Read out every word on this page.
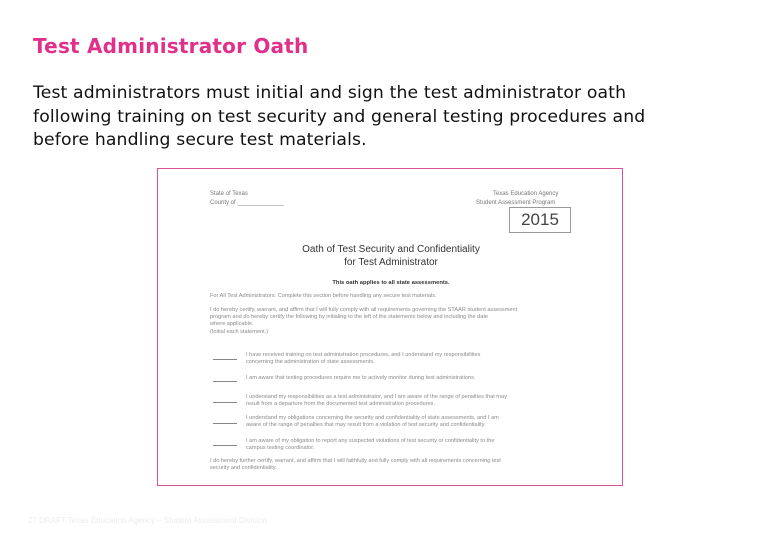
Test Administrator Oath
Test administrators must initial and sign the test administrator oath
following training on test security and general testing procedures and
before handling secure test materials.
State of Texas
County of ______________
Texas Education Agency
Student Assessment Program
2015
Oath of Test Security and Confidentiality
for Test Administrator
This oath applies to all state assessments.
For All Test Administrators: Complete this section before handling any secure test materials.
I do hereby certify, warrant, and affirm that I will fully comply with all requirements governing the STAAR student assessment
program and do hereby certify the following by initialing to the left of the statements below and including the date
where applicable.
(Initial each statement.)
I have received training on test administration procedures, and I understand my responsibilities
concerning the administration of state assessments.
I am aware that testing procedures require me to actively monitor during test administrations.
I understand my responsibilities as a test administrator, and I am aware of the range of penalties that may
result from a departure from the documented test administration procedures.
I understand my obligations concerning the security and confidentiality of state assessments, and I am
aware of the range of penalties that may result from a violation of test security and confidentiality.
I am aware of my obligation to report any suspected violations of test security or confidentiality to the
campus testing coordinator.
I do hereby further certify, warrant, and affirm that I will faithfully and fully comply with all requirements concerning test
security and confidentiality.
27 DRAFT Texas Education Agency – Student Assessment Division
